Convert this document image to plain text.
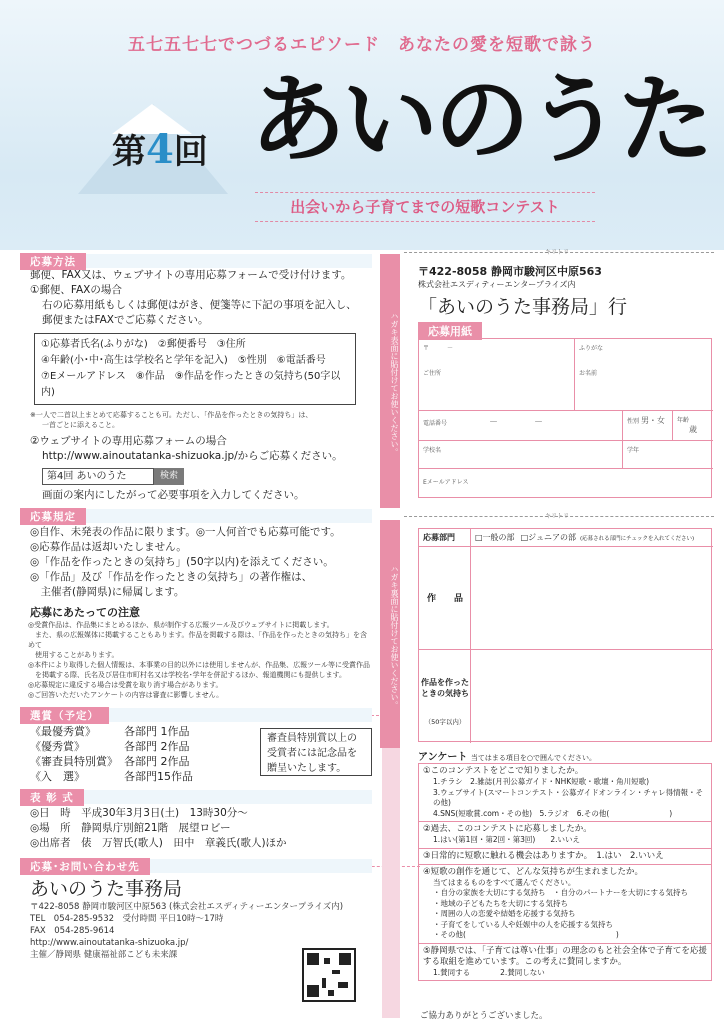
五七五七七でつづるエピソード　あなたの愛を短歌で詠う
第4回 あいのうた
出会いから子育てまでの短歌コンテスト
応募方法
郵便、FAX又は、ウェブサイトの専用応募フォームで受け付けます。
①郵便、FAXの場合
右の応募用紙もしくは郵便はがき、便箋等に下記の事項を記入し、
郵便またはFAXでご応募ください。
①応募者氏名(ふりがな)　②郵便番号　③住所
④年齢(小･中･高生は学校名と学年を記入)　⑤性別　⑥電話番号
⑦Eメールアドレス　⑧作品　⑨作品を作ったときの気持ち(50字以内)
※一人で二首以上まとめて応募することも可。ただし、「作品を作ったときの気持ち」は、
一首ごとに添えること。
②ウェブサイトの専用応募フォームの場合
http://www.ainoutatanka-shizuoka.jp/からご応募ください。
第4回 あいのうた	検索
画面の案内にしたがって必要事項を入力してください。
応募規定
◎自作、未発表の作品に限ります。◎一人何首でも応募可能です。
◎応募作品は返却いたしません。
◎「作品を作ったときの気持ち」(50字以内)を添えてください。
◎「作品」及び「作品を作ったときの気持ち」の著作権は、
　主催者(静岡県)に帰属します。
応募にあたっての注意
◎受賞作品は、作品集にまとめるほか、県が制作する広報ツール及びウェブサイトに掲載します。
　また、県の広報媒体に掲載することもあります。作品を掲載する際は、「作品を作ったときの気持ち」を含めて
　使用することがあります。
◎本件により取得した個人情報は、本事業の目的以外には使用しませんが、作品集、広報ツール等に受賞作品
　を掲載する際、氏名及び居住市町村名又は学校名･学年を併記するほか、報道機関にも提供します。
◎応募規定に違反する場合は受賞を取り消す場合があります。
◎ご回答いただいたアンケートの内容は審査に影響しません。
選賞（予定）
《最優秀賞》	各部門 1作品
《優秀賞》	各部門 2作品
《審査員特別賞》 各部門 2作品
《入　選》	各部門15作品
審査員特別賞以上の受賞者には記念品を贈呈いたします。
表 彰 式
◎日　時　平成30年3月3日(土)　13時30分～
◎場　所　静岡県庁別館21階　展望ロビー
◎出席者　俵　万智氏(歌人)　田中　章義氏(歌人)ほか
応募･お問い合わせ先
あいのうた事務局
〒422-8058 静岡市駿河区中原563 (株式会社エスディティーエンタープライズ内)
TEL　054-285-9532　受付時間 平日10時～17時
FAX　054-285-9614
http://www.ainoutatanka-shizuoka.jp/
主催／静岡県 健康福祉部こども未来課
キリトリ
ハガキ表面に貼付けてお使いください。
〒422-8058 静岡市駿河区中原563
株式会社エスディティーエンタープライズ内
「あいのうた事務局」行
応募用紙
〒　　　－
ご住所
ふりがな
お名前
電話番号	－　　　　－	性別 男・女	年齢 歳
学校名	学年
Eメールアドレス
キリトリ
ハガキ裏面に貼付けてお使いください。
応募部門	□一般の部 □ジュニアの部 (応募される部門にチェックを入れてください)
作　　品
作品を作ったときの気持ち
（50字以内）
アンケート 当てはまる項目を○で囲んでください。
①このコンテストをどこで知りましたか。
1.チラシ　2.雑誌(月刊公募ガイド・NHK短歌・歌壇・角川短歌)
3.ウェブサイト(スマートコンテスト・公募ガイドオンライン・チャレ得情報・その他)
4.SNS(短歌賞.com・その他)　5.ラジオ　6.その他(　　　　　　　　)
②過去、このコンテストに応募しましたか。
1.はい(第1回・第2回・第3回)　　2.いいえ
③日常的に短歌に触れる機会はありますか。　1.はい　2.いいえ
④短歌の創作を通じて、どんな気持ちが生まれましたか。
当てはまるものをすべて選んでください。
・自分の家族を大切にする気持ち　・自分のパートナーを大切にする気持ち
・地域の子どもたちを大切にする気持ち
・周囲の人の恋愛や結婚を応援する気持ち
・子育てをしている人や妊娠中の人を応援する気持ち
・その他(　　　　　　　　　　　　　　　　　　　　)
⑤静岡県では、「子育ては尊い仕事」の理念のもと社会全体で子育てを応援する取組を進めています。この考えに賛同しますか。
1.賛同する　　　　2.賛同しない
ご協力ありがとうございました。
